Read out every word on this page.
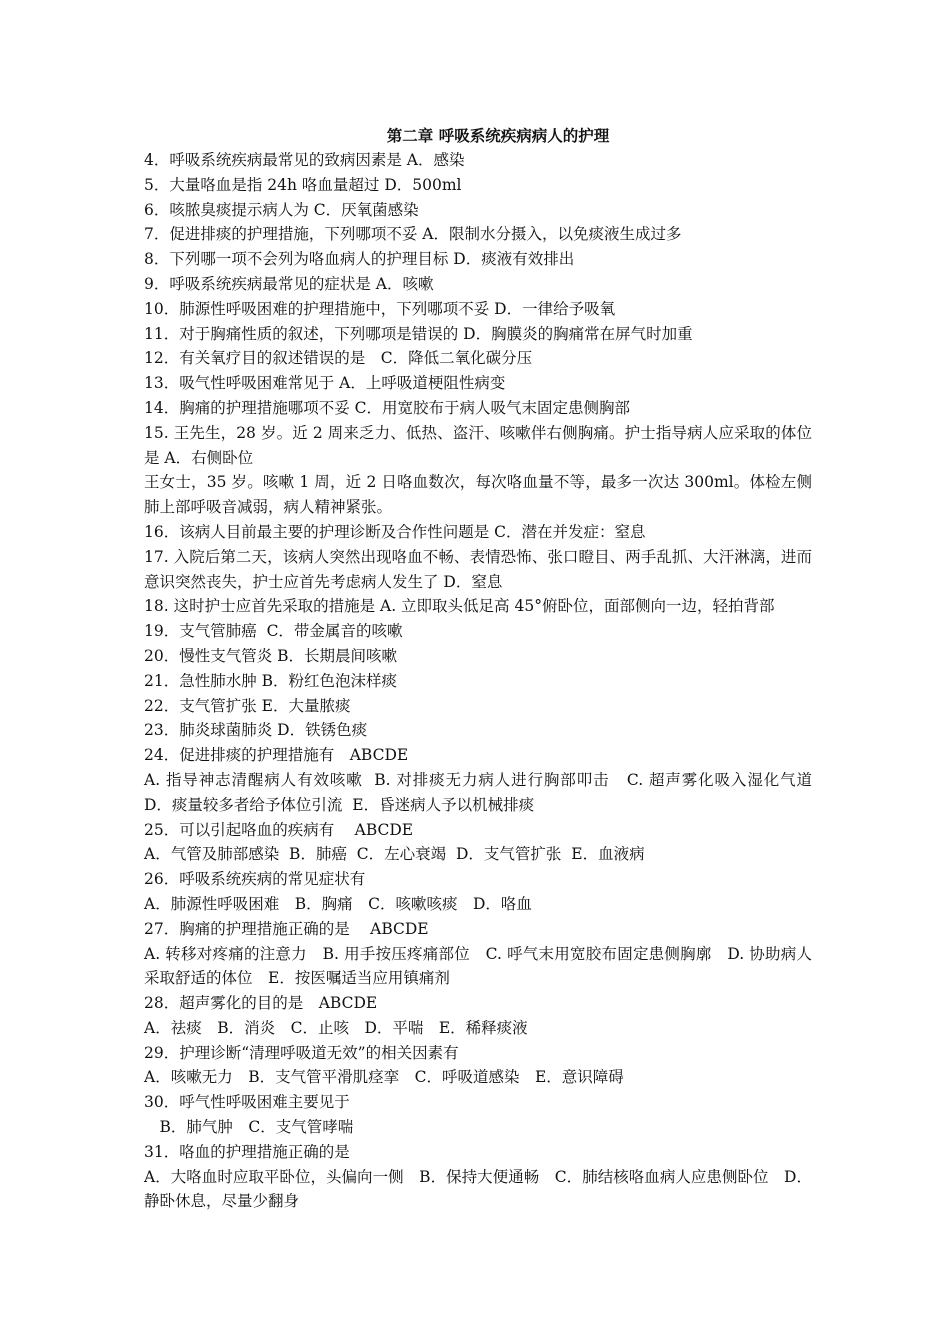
第二章 呼吸系统疾病病人的护理

4．呼吸系统疾病最常见的致病因素是 A．感染

5．大量咯血是指 24h 咯血量超过 D．500ml

6．咳脓臭痰提示病人为 C．厌氧菌感染

7．促进排痰的护理措施，下列哪项不妥 A．限制水分摄入，以免痰液生成过多

8．下列哪一项不会列为咯血病人的护理目标 D．痰液有效排出

9．呼吸系统疾病最常见的症状是 A．咳嗽

10．肺源性呼吸困难的护理措施中，下列哪项不妥 D．一律给予吸氧

11．对于胸痛性质的叙述，下列哪项是错误的 D．胸膜炎的胸痛常在屏气时加重

12．有关氧疗目的叙述错误的是　C．降低二氧化碳分压

13．吸气性呼吸困难常见于 A．上呼吸道梗阻性病变

14．胸痛的护理措施哪项不妥 C．用宽胶布于病人吸气末固定患侧胸部

15. 王先生，28 岁。近 2 周来乏力、低热、盗汗、咳嗽伴右侧胸痛。护士指导病人应采取的体位是 A．右侧卧位

王女士，35 岁。咳嗽 1 周，近 2 日咯血数次，每次咯血量不等，最多一次达 300ml。体检左侧肺上部呼吸音减弱，病人精神紧张。

16．该病人目前最主要的护理诊断及合作性问题是 C．潜在并发症：窒息

17. 入院后第二天，该病人突然出现咯血不畅、表情恐怖、张口瞪目、两手乱抓、大汗淋漓，进而意识突然丧失，护士应首先考虑病人发生了 D．窒息

18. 这时护士应首先采取的措施是 A. 立即取头低足高 45°俯卧位，面部侧向一边，轻拍背部

19．支气管肺癌  C．带金属音的咳嗽

20．慢性支气管炎 B．长期晨间咳嗽

21．急性肺水肿 B．粉红色泡沫样痰

22．支气管扩张 E．大量脓痰

23．肺炎球菌肺炎 D．铁锈色痰

24．促进排痰的护理措施有　ABCDE

A. 指导神志清醒病人有效咳嗽  B. 对排痰无力病人进行胸部叩击   C. 超声雾化吸入湿化气道  D．痰量较多者给予体位引流  E．昏迷病人予以机械排痰

25．可以引起咯血的疾病有　 ABCDE

A．气管及肺部感染  B．肺癌  C．左心衰竭  D．支气管扩张  E．血液病

26．呼吸系统疾病的常见症状有

A．肺源性呼吸困难　B．胸痛　C．咳嗽咳痰　D．咯血

27．胸痛的护理措施正确的是　 ABCDE

A. 转移对疼痛的注意力　B. 用手按压疼痛部位　C. 呼气末用宽胶布固定患侧胸廓　D. 协助病人采取舒适的体位　E．按医嘱适当应用镇痛剂

28．超声雾化的目的是　ABCDE

A．祛痰　B．消炎　C．止咳　D．平喘　E．稀释痰液

29．护理诊断“清理呼吸道无效”的相关因素有

A．咳嗽无力　B．支气管平滑肌痉挛　C．呼吸道感染　E．意识障碍

30．呼气性呼吸困难主要见于

　B．肺气肿　C．支气管哮喘

31．咯血的护理措施正确的是

A．大咯血时应取平卧位，头偏向一侧　B．保持大便通畅　C．肺结核咯血病人应患侧卧位　D．静卧休息，尽量少翻身
